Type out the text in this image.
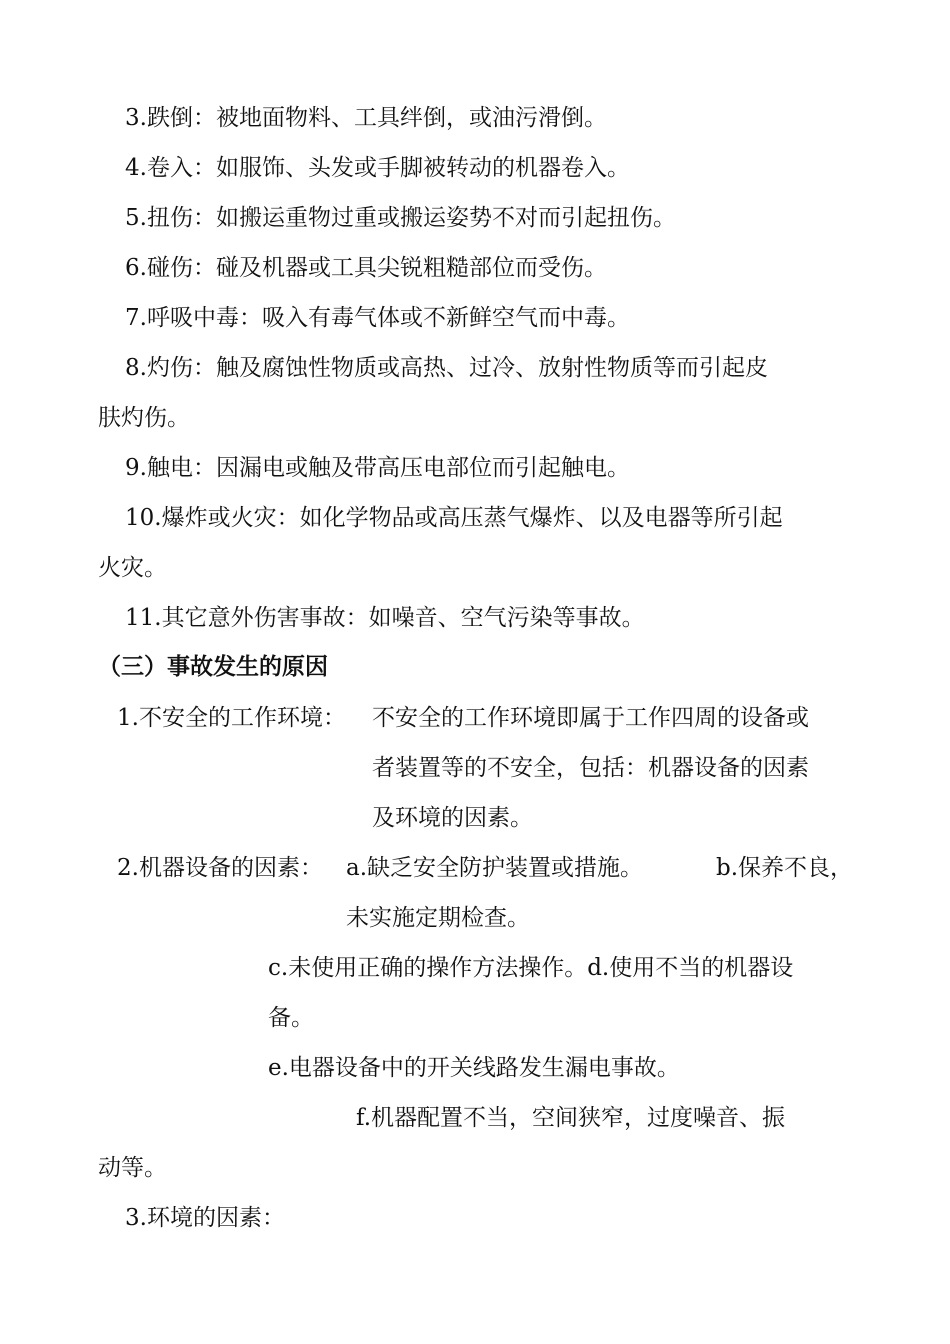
3.跌倒：被地面物料、工具绊倒，或油污滑倒。
4.卷入：如服饰、头发或手脚被转动的机器卷入。
5.扭伤：如搬运重物过重或搬运姿势不对而引起扭伤。
6.碰伤：碰及机器或工具尖锐粗糙部位而受伤。
7.呼吸中毒：吸入有毒气体或不新鲜空气而中毒。
8.灼伤：触及腐蚀性物质或高热、过冷、放射性物质等而引起皮
肤灼伤。
9.触电：因漏电或触及带高压电部位而引起触电。
10.爆炸或火灾：如化学物品或高压蒸气爆炸、以及电器等所引起
火灾。
11.其它意外伤害事故：如噪音、空气污染等事故。
（三）事故发生的原因
1.不安全的工作环境： 不安全的工作环境即属于工作四周的设备或
者装置等的不安全，包括：机器设备的因素
及环境的因素。
2.机器设备的因素： a.缺乏安全防护装置或措施。	b.保养不良，
未实施定期检查。
c.未使用正确的操作方法操作。d.使用不当的机器设
备。
e.电器设备中的开关线路发生漏电事故。
f.机器配置不当，空间狭窄，过度噪音、振
动等。
3.环境的因素：
